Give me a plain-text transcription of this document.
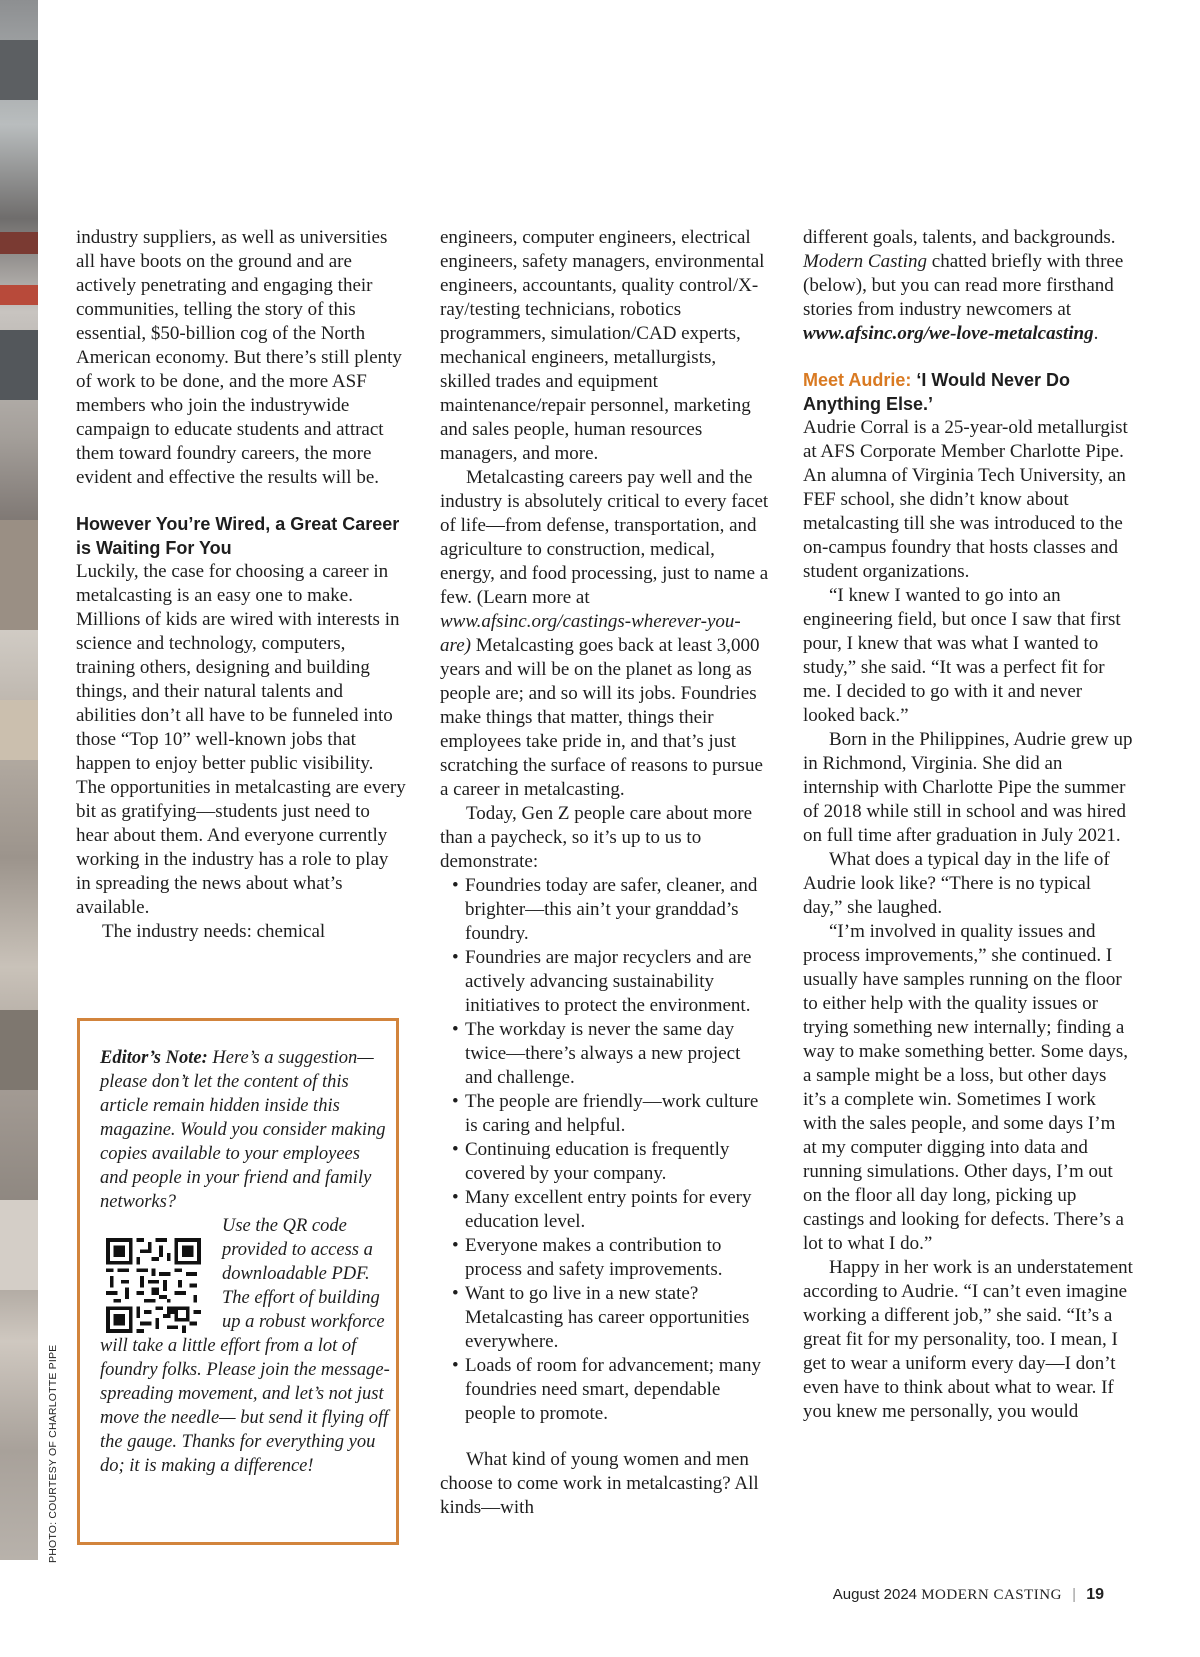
PHOTO: COURTESY OF CHARLOTTE PIPE

industry suppliers, as well as universities all have boots on the ground and are actively penetrating and engaging their communities, telling the story of this essential, $50-billion cog of the North American economy. But there’s still plenty of work to be done, and the more ASF members who join the industrywide campaign to educate students and attract them toward foundry careers, the more evident and effective the results will be.

However You’re Wired, a Great Career is Waiting For You

Luckily, the case for choosing a career in metalcasting is an easy one to make. Millions of kids are wired with interests in science and technology, computers, training others, designing and building things, and their natural talents and abilities don’t all have to be funneled into those “Top 10” well-known jobs that happen to enjoy better public visibility. The opportunities in metalcasting are every bit as gratifying––students just need to hear about them. And everyone currently working in the industry has a role to play in spreading the news about what’s available.

The industry needs: chemical

Editor’s Note: Here’s a suggestion—please don’t let the content of this article remain hidden inside this magazine. Would you consider making copies available to your employees and people in your friend and family networks?

Use the QR code provided to access a downloadable PDF. The effort of building up a robust workforce

will take a little effort from a lot of foundry folks. Please join the message-spreading movement, and let’s not just move the needle— but send it flying off the gauge. Thanks for everything you do; it is making a difference!

engineers, computer engineers, electrical engineers, safety managers, environmental engineers, accountants, quality control/X-ray/testing technicians, robotics programmers, simulation/CAD experts, mechanical engineers, metallurgists, skilled trades and equipment maintenance/repair personnel, marketing and sales people, human resources managers, and more.

Metalcasting careers pay well and the industry is absolutely critical to every facet of life—from defense, transportation, and agriculture to construction, medical, energy, and food processing, just to name a few. (Learn more at www.afsinc.org/castings-wherever-you-are) Metalcasting goes back at least 3,000 years and will be on the planet as long as people are; and so will its jobs. Foundries make things that matter, things their employees take pride in, and that’s just scratching the surface of reasons to pursue a career in metalcasting.

Today, Gen Z people care about more than a paycheck, so it’s up to us to demonstrate:

• Foundries today are safer, cleaner, and brighter––this ain’t your granddad’s foundry.
• Foundries are major recyclers and are actively advancing sustainability initiatives to protect the environment.
• The workday is never the same day twice––there’s always a new project and challenge.
• The people are friendly––work culture is caring and helpful.
• Continuing education is frequently covered by your company.
• Many excellent entry points for every education level.
• Everyone makes a contribution to process and safety improvements.
• Want to go live in a new state? Metalcasting has career opportunities everywhere.
• Loads of room for advancement; many foundries need smart, dependable people to promote.

What kind of young women and men choose to come work in metalcasting? All kinds––with

different goals, talents, and backgrounds. Modern Casting chatted briefly with three (below), but you can read more firsthand stories from industry newcomers at www.afsinc.org/we-love-metalcasting.

Meet Audrie: ‘I Would Never Do Anything Else.’

Audrie Corral is a 25-year-old metallurgist at AFS Corporate Member Charlotte Pipe. An alumna of Virginia Tech University, an FEF school, she didn’t know about metalcasting till she was introduced to the on-campus foundry that hosts classes and student organizations.

“I knew I wanted to go into an engineering field, but once I saw that first pour, I knew that was what I wanted to study,” she said. “It was a perfect fit for me. I decided to go with it and never looked back.”

Born in the Philippines, Audrie grew up in Richmond, Virginia. She did an internship with Charlotte Pipe the summer of 2018 while still in school and was hired on full time after graduation in July 2021.

What does a typical day in the life of Audrie look like? “There is no typical day,” she laughed.

“I’m involved in quality issues and process improvements,” she continued. I usually have samples running on the floor to either help with the quality issues or trying something new internally; finding a way to make something better. Some days, a sample might be a loss, but other days it’s a complete win. Sometimes I work with the sales people, and some days I’m at my computer digging into data and running simulations. Other days, I’m out on the floor all day long, picking up castings and looking for defects. There’s a lot to what I do.”

Happy in her work is an understatement according to Audrie. “I can’t even imagine working a different job,” she said. “It’s a great fit for my personality, too. I mean, I get to wear a uniform every day—I don’t even have to think about what to wear. If you knew me personally, you would

August 2024 MODERN CASTING | 19
